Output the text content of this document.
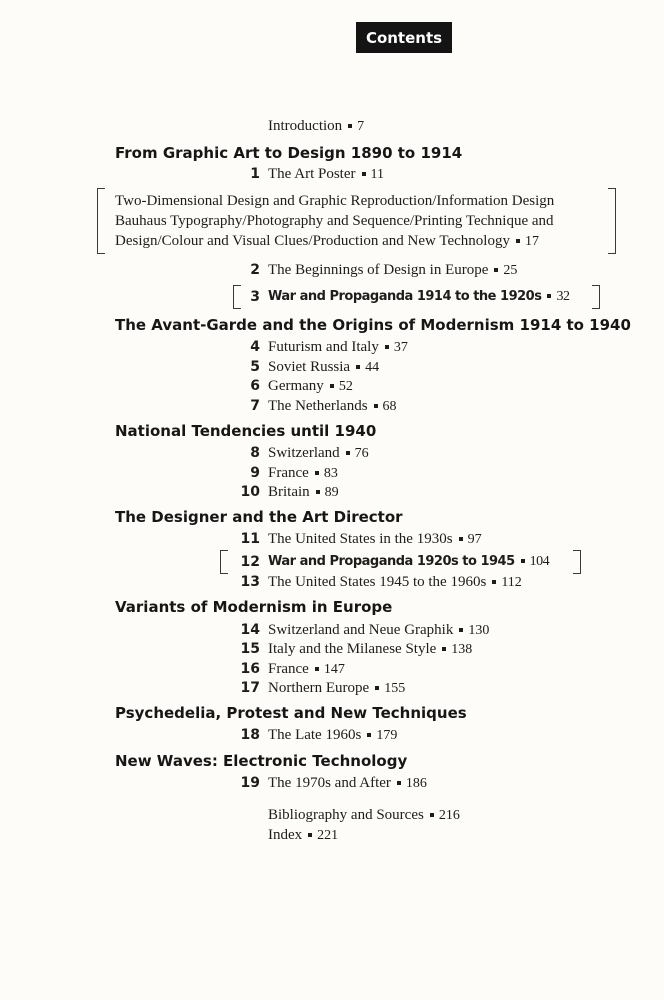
Contents
Introduction 7
From Graphic Art to Design 1890 to 1914
1 The Art Poster 11
Two-Dimensional Design and Graphic Reproduction/Information Design
Bauhaus Typography/Photography and Sequence/Printing Technique and
Design/Colour and Visual Clues/Production and New Technology 17
2 The Beginnings of Design in Europe 25
3 War and Propaganda 1914 to the 1920s 32
The Avant-Garde and the Origins of Modernism 1914 to 1940
4 Futurism and Italy 37
5 Soviet Russia 44
6 Germany 52
7 The Netherlands 68
National Tendencies until 1940
8 Switzerland 76
9 France 83
10 Britain 89
The Designer and the Art Director
11 The United States in the 1930s 97
12 War and Propaganda 1920s to 1945 104
13 The United States 1945 to the 1960s 112
Variants of Modernism in Europe
14 Switzerland and Neue Graphik 130
15 Italy and the Milanese Style 138
16 France 147
17 Northern Europe 155
Psychedelia, Protest and New Techniques
18 The Late 1960s 179
New Waves: Electronic Technology
19 The 1970s and After 186
Bibliography and Sources 216
Index 221
